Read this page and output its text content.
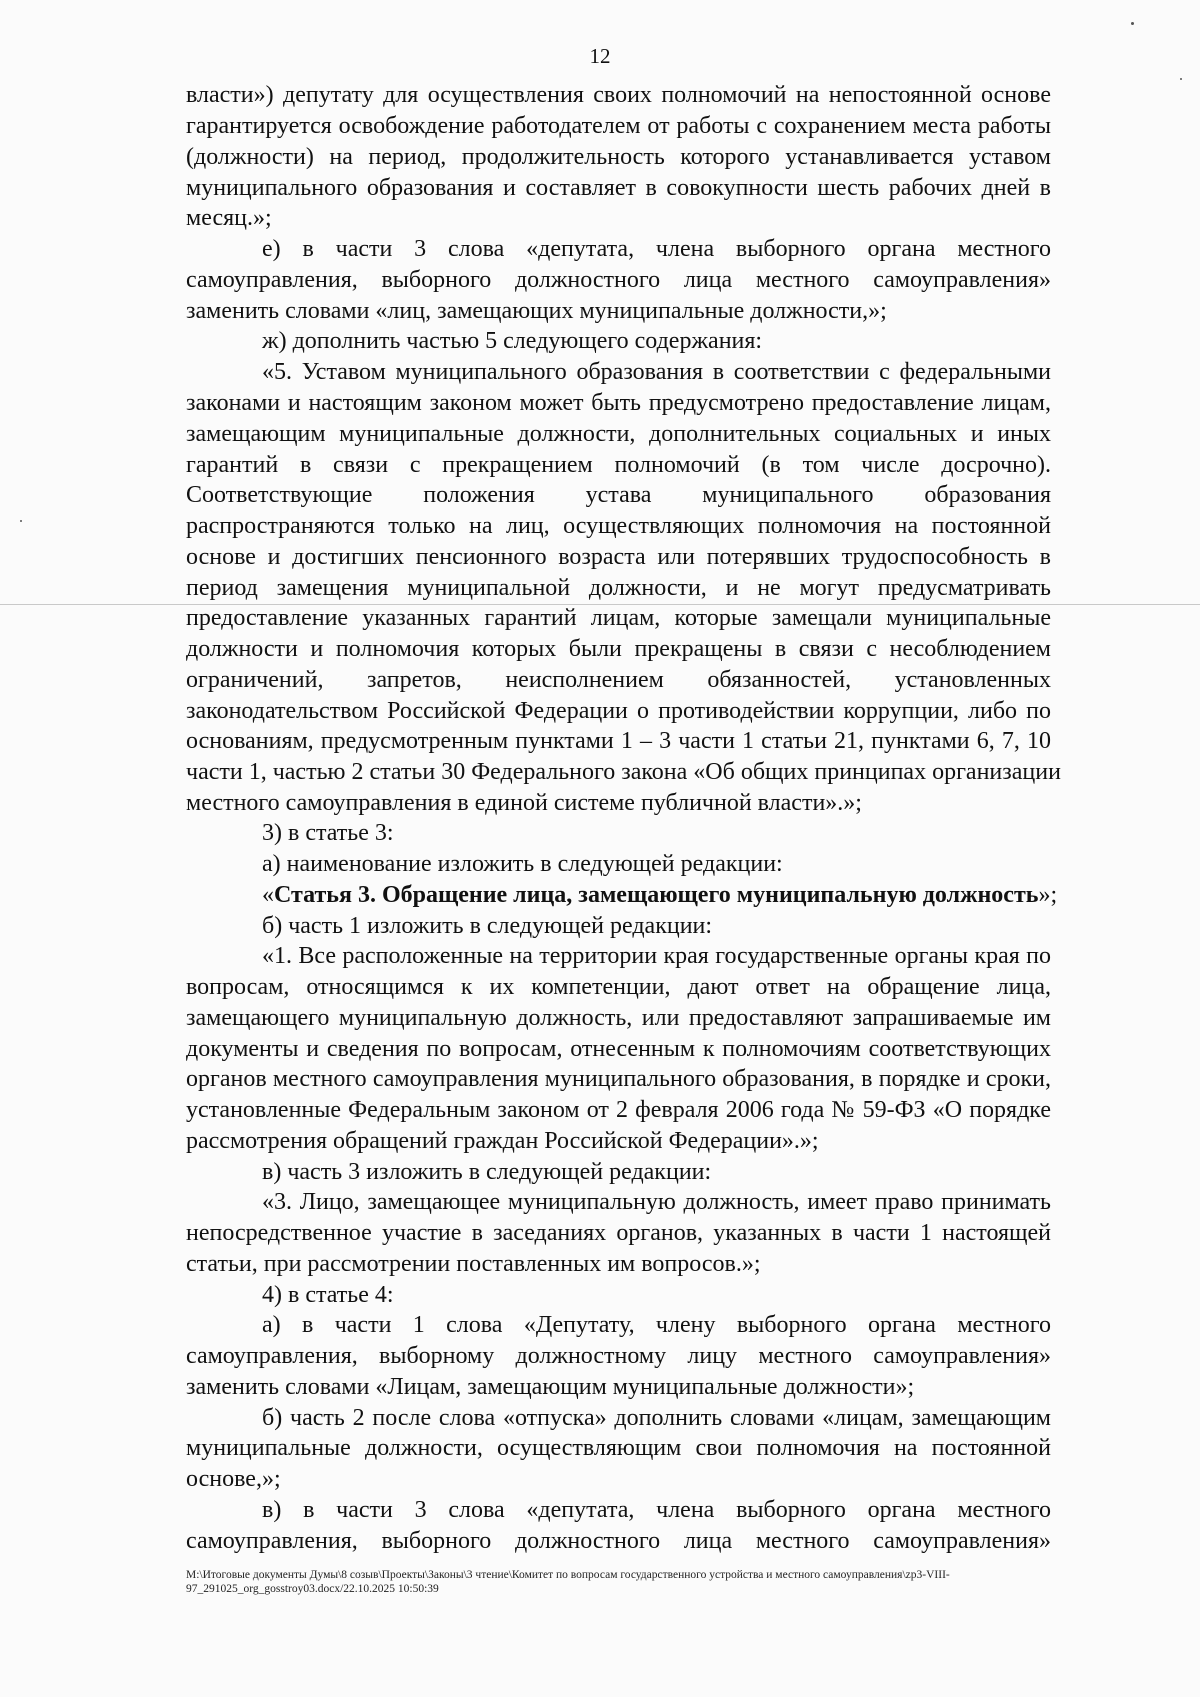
12
власти») депутату для осуществления своих полномочий на непостоянной основе
гарантируется освобождение работодателем от работы с сохранением места работы
(должности) на период, продолжительность которого устанавливается уставом
муниципального образования и составляет в совокупности шесть рабочих дней в
месяц.»;
е) в части 3 слова «депутата, члена выборного органа местного
самоуправления, выборного должностного лица местного самоуправления»
заменить словами «лиц, замещающих муниципальные должности,»;
ж) дополнить частью 5 следующего содержания:
«5. Уставом муниципального образования в соответствии с федеральными
законами и настоящим законом может быть предусмотрено предоставление лицам,
замещающим муниципальные должности, дополнительных социальных и иных
гарантий в связи с прекращением полномочий (в том числе досрочно).
Соответствующие положения устава муниципального образования
распространяются только на лиц, осуществляющих полномочия на постоянной
основе и достигших пенсионного возраста или потерявших трудоспособность в
период замещения муниципальной должности, и не могут предусматривать
предоставление указанных гарантий лицам, которые замещали муниципальные
должности и полномочия которых были прекращены в связи с несоблюдением
ограничений, запретов, неисполнением обязанностей, установленных
законодательством Российской Федерации о противодействии коррупции, либо по
основаниям, предусмотренным пунктами 1 – 3 части 1 статьи 21, пунктами 6, 7, 10
части 1, частью 2 статьи 30 Федерального закона «Об общих принципах организации
местного самоуправления в единой системе публичной власти».»;
3) в статье 3:
а) наименование изложить в следующей редакции:
«Статья 3. Обращение лица, замещающего муниципальную должность»;
б) часть 1 изложить в следующей редакции:
«1. Все расположенные на территории края государственные органы края по
вопросам, относящимся к их компетенции, дают ответ на обращение лица,
замещающего муниципальную должность, или предоставляют запрашиваемые им
документы и сведения по вопросам, отнесенным к полномочиям соответствующих
органов местного самоуправления муниципального образования, в порядке и сроки,
установленные Федеральным законом от 2 февраля 2006 года № 59-ФЗ «О порядке
рассмотрения обращений граждан Российской Федерации».»;
в) часть 3 изложить в следующей редакции:
«3. Лицо, замещающее муниципальную должность, имеет право принимать
непосредственное участие в заседаниях органов, указанных в части 1 настоящей
статьи, при рассмотрении поставленных им вопросов.»;
4) в статье 4:
а) в части 1 слова «Депутату, члену выборного органа местного
самоуправления, выборному должностному лицу местного самоуправления»
заменить словами «Лицам, замещающим муниципальные должности»;
б) часть 2 после слова «отпуска» дополнить словами «лицам, замещающим
муниципальные должности, осуществляющим свои полномочия на постоянной
основе,»;
в) в части 3 слова «депутата, члена выборного органа местного
самоуправления, выборного должностного лица местного самоуправления»
М:\Итоговые документы Думы\8 созыв\Проекты\Законы\3 чтение\Комитет по вопросам государственного устройства и местного самоуправления\zp3-VIII-
97_291025_org_gosstroy03.docx/22.10.2025 10:50:39
